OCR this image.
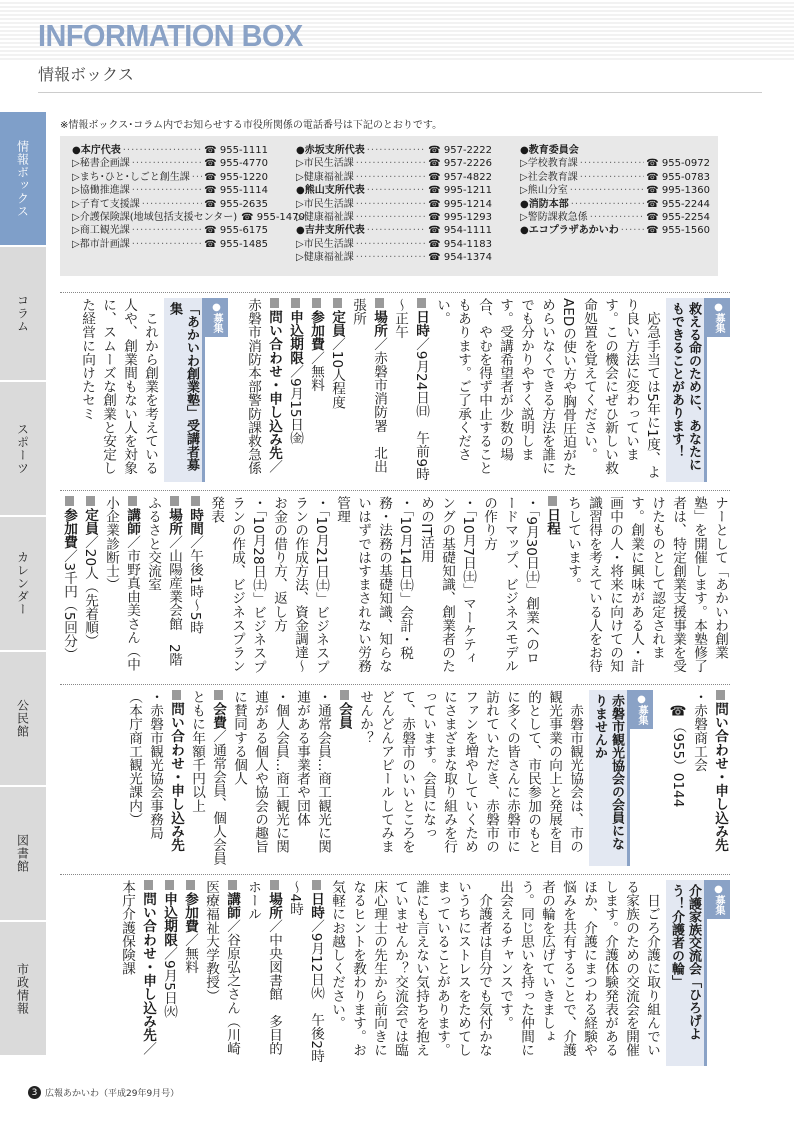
INFORMATION BOX
情報ボックス
情報ボックス
コラム
スポーツ
カレンダー
公民館
図書館
市政情報
※情報ボックス･コラム内でお知らせする市役所関係の電話番号は下記のとおりです。
●本庁代表 ·····	☎ 955-1111
▷秘書企画課 ·····	☎ 955-4770
▷まち･ひと･しごと創生課 ····· ☎ 955-1220
▷協働推進課 ·····	☎ 955-1114
▷子育て支援課 ·····	☎ 955-2635
▷介護保険課(地域包括支援センター) ☎ 955-1470
▷商工観光課 ·····	☎ 955-6175
▷都市計画課 ·····	☎ 955-1485
●赤坂支所代表 ·····	☎ 957-2222
▷市民生活課 ·····	☎ 957-2226
▷健康福祉課 ·····	☎ 957-4822
●熊山支所代表 ·····	☎ 995-1211
▷市民生活課 ·····	☎ 995-1214
▷健康福祉課 ·····	☎ 995-1293
●吉井支所代表 ·····	☎ 954-1111
▷市民生活課 ·····	☎ 954-1183
▷健康福祉課 ·····	☎ 954-1374
●教育委員会
▷学校教育課 ·····	☎ 955-0972
▷社会教育課 ·····	☎ 955-0783
▷熊山分室 ·····	☎ 995-1360
●消防本部 ·····	☎ 955-2244
▷警防課救急係 ·····	☎ 955-2254
●エコプラザあかいわ ·····	☎ 955-1560
●募集救える命のために、あなたにもできることがあります！
　応急手当ては5年に1度、より良い方法に変わっています。この機会にぜひ新しい救命処置を覚えてください。AEDの使い方や胸骨圧迫がためらいなくできる方法を誰にでも分かりやすく説明します。受講希望者が少数の場合、やむを得ず中止することもあります。ご了承ください。
日時／9月24日㈰　午前9時～正午
場所／赤磐市消防署　北出張所
定員／10人程度
参加費／無料
申込期限／9月15日㈮
問い合わせ・申し込み先／赤磐市消防本部警防課救急係
●募集「あかいわ創業塾」受講者募集
　これから創業を考えている人や、創業間もない人を対象に、スムーズな創業と安定した経営に向けたセミ
ナーとして「あかいわ創業塾」を開催します。本塾修了者は、特定創業支援事業を受けたものとして認定されます。創業に興味がある人・計画中の人・将来に向けての知識習得を考えている人をお待ちしています。
日程
・「9月30日㈯」創業へのロードマップ、ビジネスモデルの作り方
・「10月7日㈯」マーケティングの基礎知識、創業者のためのIT活用
・「10月14日㈯」会計・税務・法務の基礎知識、知らないはずではすまされない労務管理
・「10月21日㈯」ビジネスプランの作成方法、資金調達～お金の借り方、返し方
・「10月28日㈯」ビジネスプランの作成、ビジネスプラン発表
時間／午後1時～5時
場所／山陽産業会館　2階ふるさと交流室
講師／市野真由美さん（中小企業診断士）
定員／20人（先着順）
参加費／3千円（5回分）
問い合わせ・申し込み先
・赤磐商工会
　☎（955）0144
●募集赤磐市観光協会の会員になりませんか
　赤磐市観光協会は、市の観光事業の向上と発展を目的として、市民参加のもとに多くの皆さんに赤磐市に訪れていただき、赤磐市のファンを増やしていくためにさまざまな取り組みを行っています。会員になって、赤磐市のいいところをどんどんアピールしてみませんか？
会員
・通常会員…商工観光に関連がある事業者や団体
・個人会員…商工観光に関連がある個人や協会の趣旨に賛同する個人
会費／通常会員、個人会員ともに年額千円以上
問い合わせ・申し込み先
・赤磐市観光協会事務局（本庁商工観光課内）
●募集介護家族交流会「ひろげよう！介護者の輪」
　日ごろ介護に取り組んでいる家族のための交流会を開催します。介護体験発表があるほか、介護にまつわる経験や悩みを共有することで、介護者の輪を広げていきましょう。同じ思いを持った仲間に出会えるチャンスです。
　介護者は自分でも気付かないうちにストレスをためてしまっていることがあります。誰にも言えない気持ちを抱えていませんか？交流会では臨床心理士の先生から前向きになるヒントを教わります。お気軽にお越しください。
日時／9月12日㈫　午後2時～4時
場所／中央図書館　多目的ホール
講師／谷原弘之さん（川崎医療福祉大学教授）
参加費／無料
申込期限／9月5日㈫
問い合わせ・申し込み先／本庁介護保険課
3 広報あかいわ（平成29年9月号）
